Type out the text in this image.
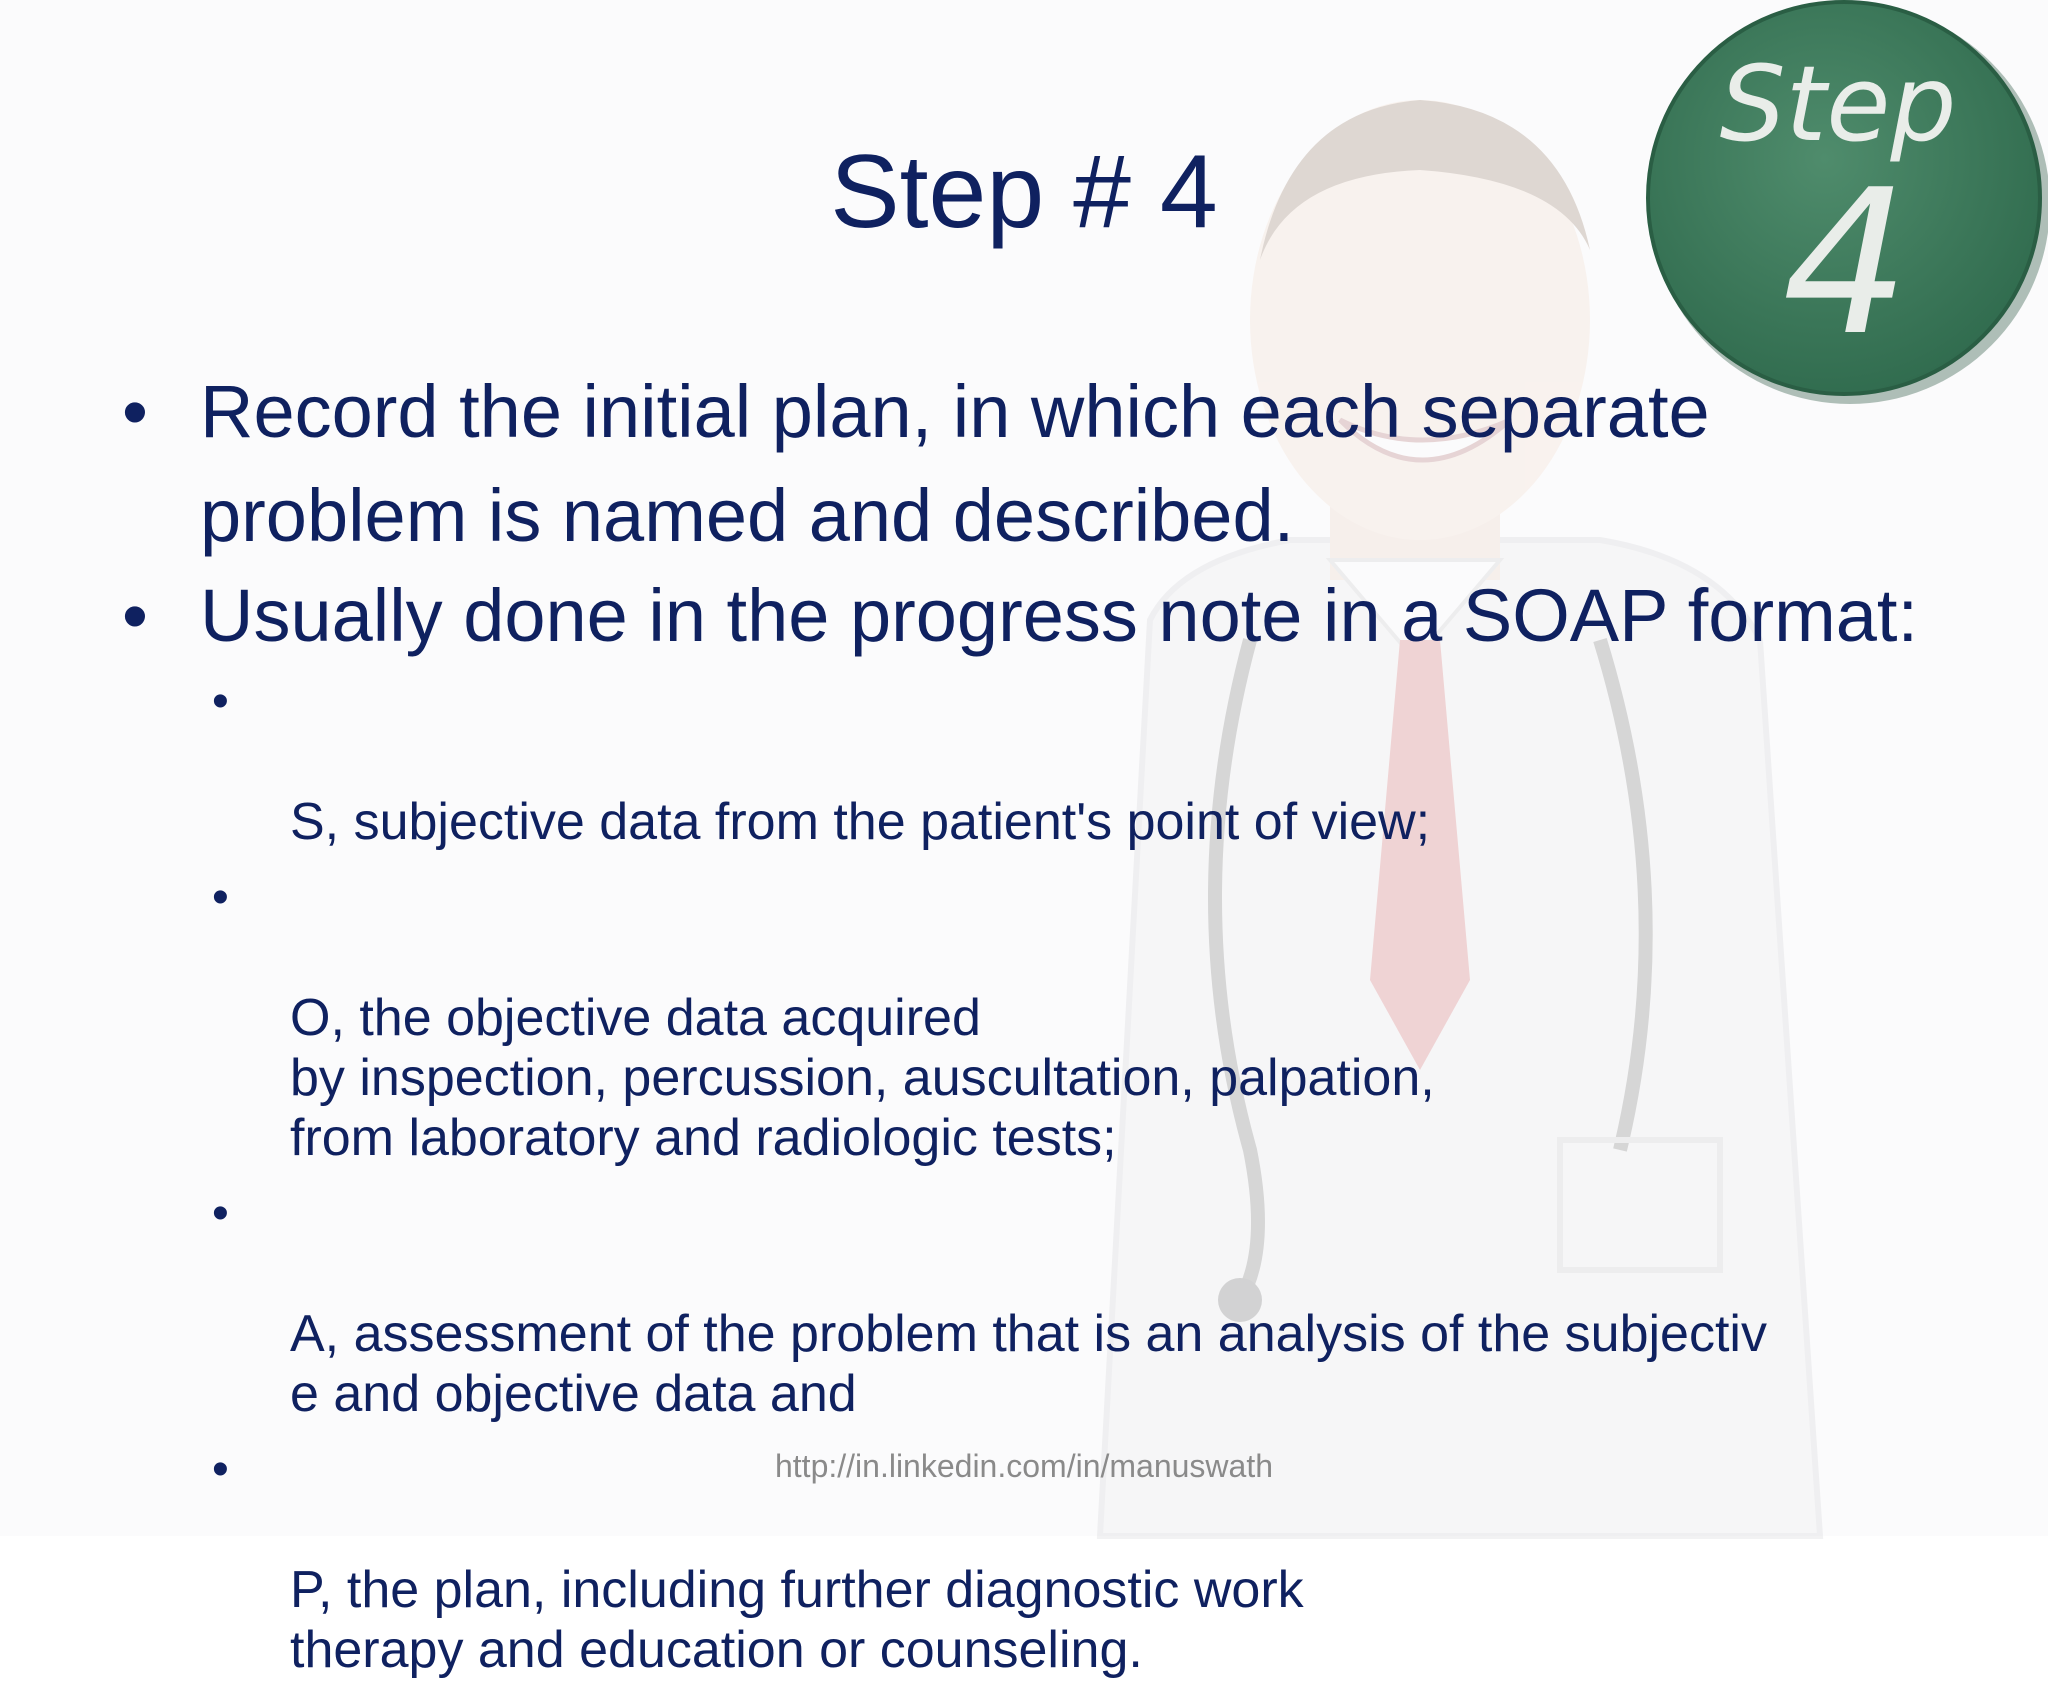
Step # 4
Step
4

• Record the initial plan, in which each separate problem is named and described.

• Usually done in the progress note in a SOAP format:

•

S, subjective data from the patient's point of view;

•

O, the objective data acquired
by inspection, percussion, auscultation, palpation,
from laboratory and radiologic tests;

•

A, assessment of the problem that is an analysis of the subjectiv
e and objective data and

•

P, the plan, including further diagnostic work
therapy and education or counseling.

http://in.linkedin.com/in/manuswath
